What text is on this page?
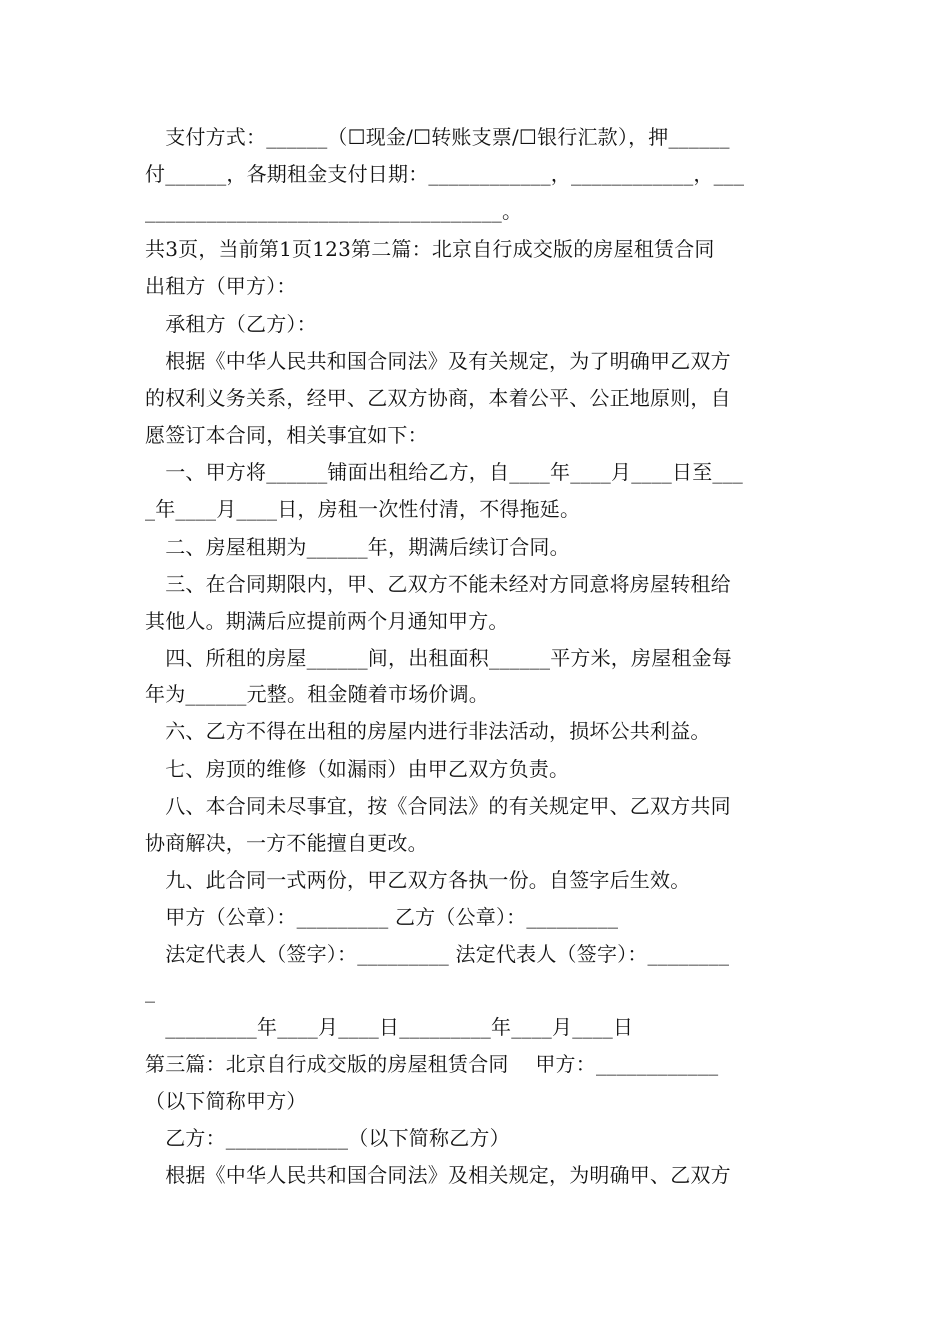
　支付方式：______（☐现金/☐转账支票/☐银行汇款），押______
付______，各期租金支付日期：____________，____________，___
___________________________________。
共3页，当前第1页123第二篇：北京自行成交版的房屋租赁合同
出租方（甲方）：
　承租方（乙方）：
　根据《中华人民共和国合同法》及有关规定，为了明确甲乙双方
的权利义务关系，经甲、乙双方协商，本着公平、公正地原则，自
愿签订本合同，相关事宜如下：
　一、甲方将______铺面出租给乙方，自____年____月____日至___
_年____月____日，房租一次性付清，不得拖延。
　二、房屋租期为______年，期满后续订合同。
　三、在合同期限内，甲、乙双方不能未经对方同意将房屋转租给
其他人。期满后应提前两个月通知甲方。
　四、所租的房屋______间，出租面积______平方米，房屋租金每
年为______元整。租金随着市场价调。
　六、乙方不得在出租的房屋内进行非法活动，损坏公共利益。
　七、房顶的维修（如漏雨）由甲乙双方负责。
　八、本合同未尽事宜，按《合同法》的有关规定甲、乙双方共同
协商解决，一方不能擅自更改。
　九、此合同一式两份，甲乙双方各执一份。自签字后生效。
　甲方（公章）：_________ 乙方（公章）：_________
　法定代表人（签字）：_________ 法定代表人（签字）：________
_
　_________年____月____日_________年____月____日
第三篇：北京自行成交版的房屋租赁合同　 甲方：____________
（以下简称甲方）
　乙方：____________（以下简称乙方）
　根据《中华人民共和国合同法》及相关规定，为明确甲、乙双方
